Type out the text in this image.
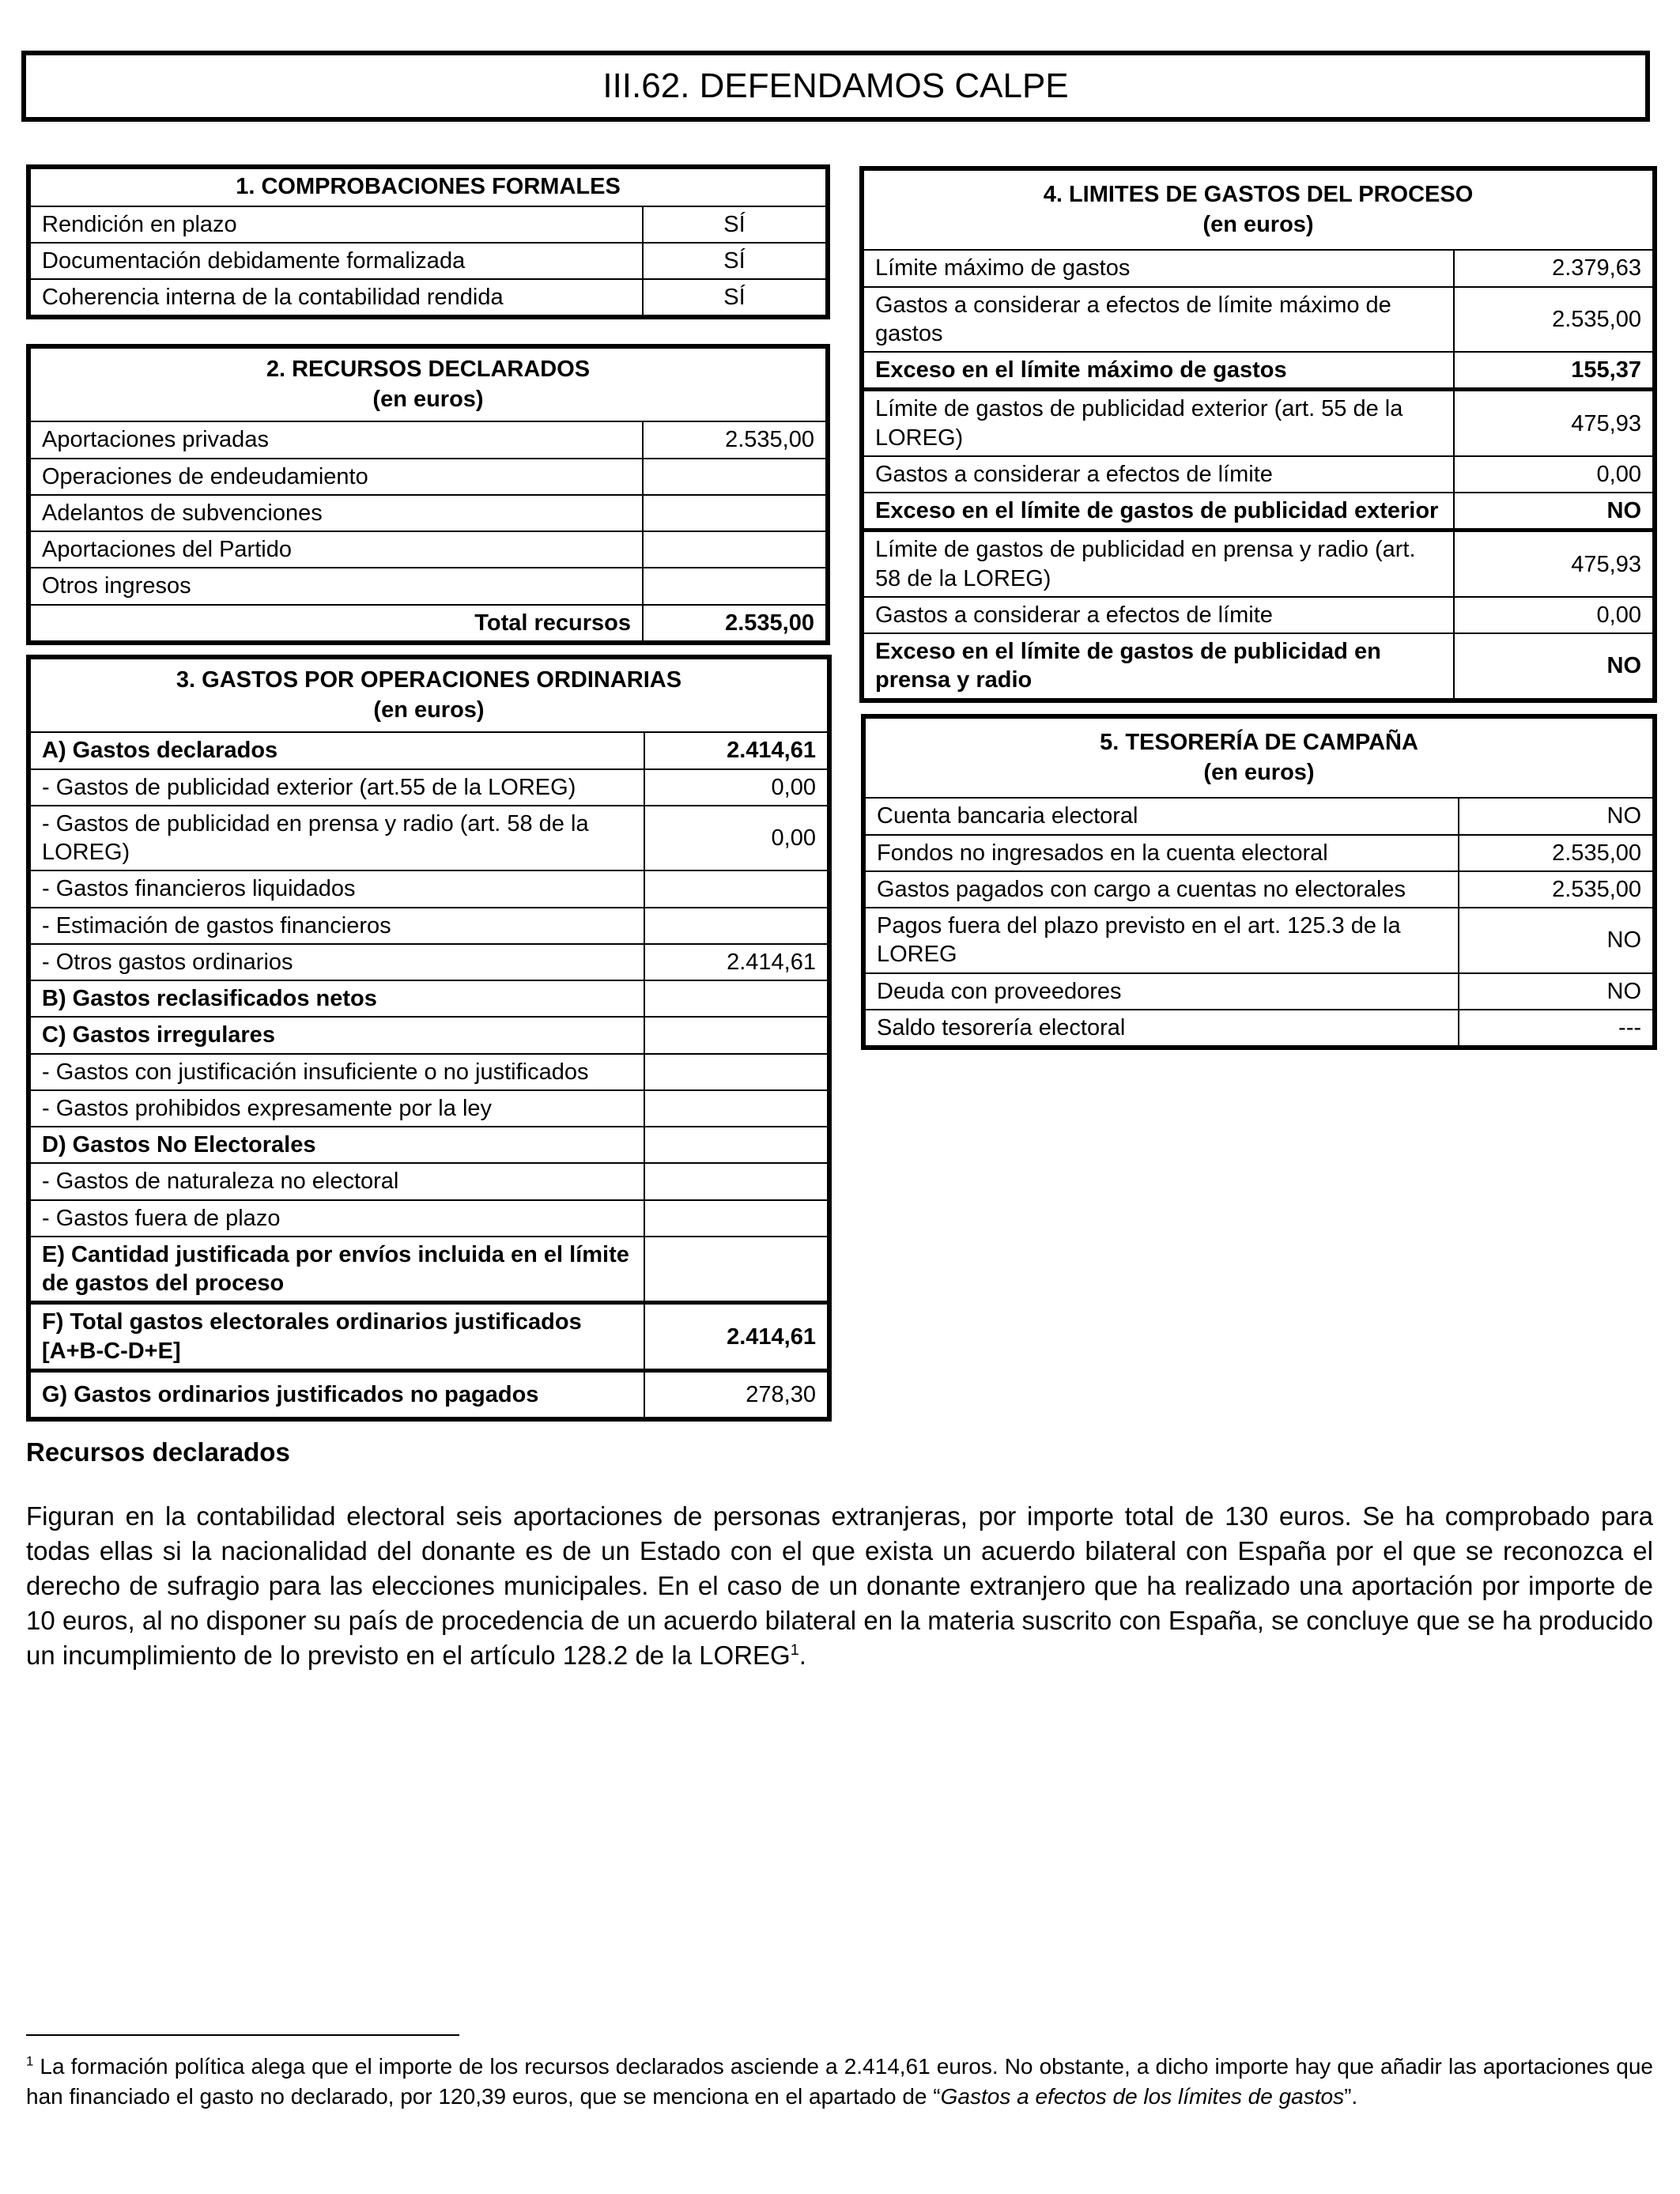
III.62. DEFENDAMOS CALPE
1. COMPROBACIONES FORMALES	
Rendición en plazo	SÍ
Documentación debidamente formalizada	SÍ
Coherencia interna de la contabilidad rendida	SÍ
2. RECURSOS DECLARADOS
(en euros)	

Aportaciones privadas	2.535,00
Operaciones de endeudamiento	
Adelantos de subvenciones	
Aportaciones del Partido	
Otros ingresos	
Total recursos	2.535,00
3. GASTOS POR OPERACIONES ORDINARIAS
(en euros)	

A) Gastos declarados	2.414,61
- Gastos de publicidad exterior (art.55 de la LOREG)	0,00
- Gastos de publicidad en prensa y radio (art. 58 de la LOREG)	0,00
- Gastos financieros liquidados	
- Estimación de gastos financieros	
- Otros gastos ordinarios	2.414,61
B) Gastos reclasificados netos	
C) Gastos irregulares	
- Gastos con justificación insuficiente o no justificados	
- Gastos prohibidos expresamente por la ley	
D) Gastos No Electorales	
- Gastos de naturaleza no electoral	
- Gastos fuera de plazo	
E) Cantidad justificada por envíos incluida en el límite de gastos del proceso	
F) Total gastos electorales ordinarios justificados [A+B-C-D+E]	2.414,61
G) Gastos ordinarios justificados no pagados	278,30
4. LIMITES DE GASTOS DEL PROCESO
(en euros)	

Límite máximo de gastos	2.379,63
Gastos a considerar a efectos de límite máximo de gastos	2.535,00
Exceso en el límite máximo de gastos	155,37
Límite de gastos de publicidad exterior (art. 55 de la LOREG)	475,93
Gastos a considerar a efectos de límite	0,00
Exceso en el límite de gastos de publicidad exterior	NO
Límite de gastos de publicidad en prensa y radio (art. 58 de la LOREG)	475,93
Gastos a considerar a efectos de límite	0,00
Exceso en el límite de gastos de publicidad en prensa y radio	NO
5. TESORERÍA DE CAMPAÑA
(en euros)	

Cuenta bancaria electoral	NO
Fondos no ingresados en la cuenta electoral	2.535,00
Gastos pagados con cargo a cuentas no electorales	2.535,00
Pagos fuera del plazo previsto en el art. 125.3 de la LOREG	NO
Deuda con proveedores	NO
Saldo tesorería electoral	---
Recursos declarados
Figuran en la contabilidad electoral seis aportaciones de personas extranjeras, por importe total de 130 euros. Se ha comprobado para todas ellas si la nacionalidad del donante es de un Estado con el que exista un acuerdo bilateral con España por el que se reconozca el derecho de sufragio para las elecciones municipales. En el caso de un donante extranjero que ha realizado una aportación por importe de 10 euros, al no disponer su país de procedencia de un acuerdo bilateral en la materia suscrito con España, se concluye que se ha producido un incumplimiento de lo previsto en el artículo 128.2 de la LOREG$^1$.
$^1$ La formación política alega que el importe de los recursos declarados asciende a 2.414,61 euros. No obstante, a dicho importe hay que añadir las aportaciones que han financiado el gasto no declarado, por 120,39 euros, que se menciona en el apartado de “Gastos a efectos de los límites de gastos”.
